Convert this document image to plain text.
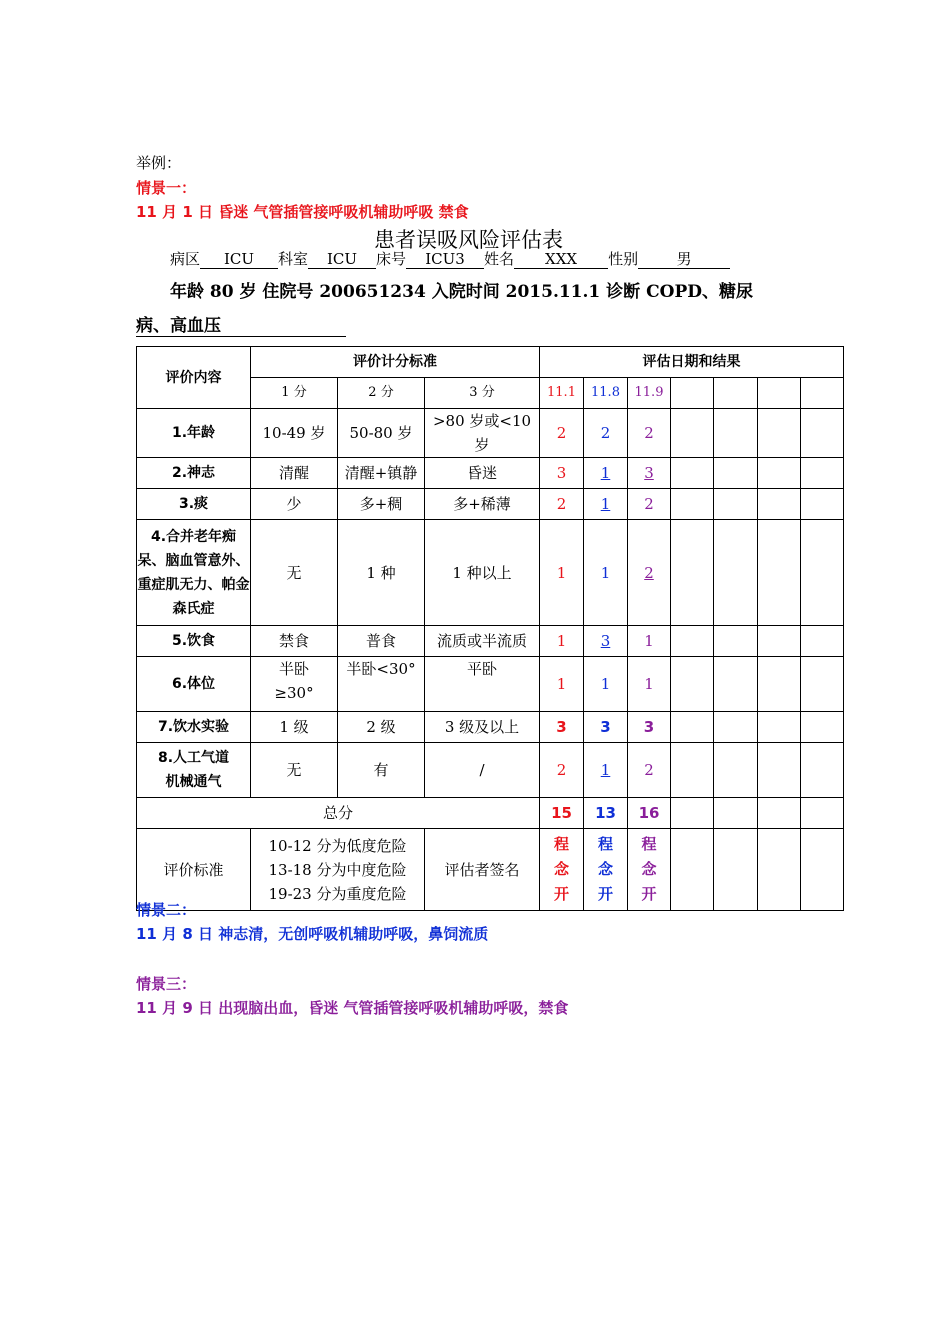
举例：
情景一：
11 月 1 日 昏迷 气管插管接呼吸机辅助呼吸 禁食
患者误吸风险评估表
病区 ICU 科室 ICU 床号 ICU3 姓名 XXX 性别	男
年龄 80 岁 住院号 200651234 入院时间 2015.11.1 诊断 COPD、糖尿
病、高血压
评价内容	评价计分标准			评估日期和结果						
	1 分	2 分	3 分	11.1	11.8	11.9				
1.年龄	10-49 岁	50-80 岁	>80 岁或<10 岁	2	2	2				
2.神志	清醒	清醒+镇静	昏迷	3	1	3				
3.痰	少	多+稠	多+稀薄	2	1	2				
4.合并老年痴呆、脑血管意外、重症肌无力、帕金森氏症	无	1 种	1 种以上	1	1	2				
5.饮食	禁食	普食	流质或半流质	1	3	1				
6.体位	半卧≥30°	半卧<30°	平卧	1	1	1				
7.饮水实验	1 级	2 级	3 级及以上	3	3	3				
8.人工气道机械通气	无	有	/	2	1	2				
总分				15	13	16				
评价标准	10-12 分为低度危险
13-18 分为中度危险
19-23 分为重度危险		评估者签名	程念开	程念开	程念开				
情景二：
11 月 8 日 神志清，无创呼吸机辅助呼吸，鼻饲流质
情景三：
11 月 9 日 出现脑出血，昏迷 气管插管接呼吸机辅助呼吸，禁食
